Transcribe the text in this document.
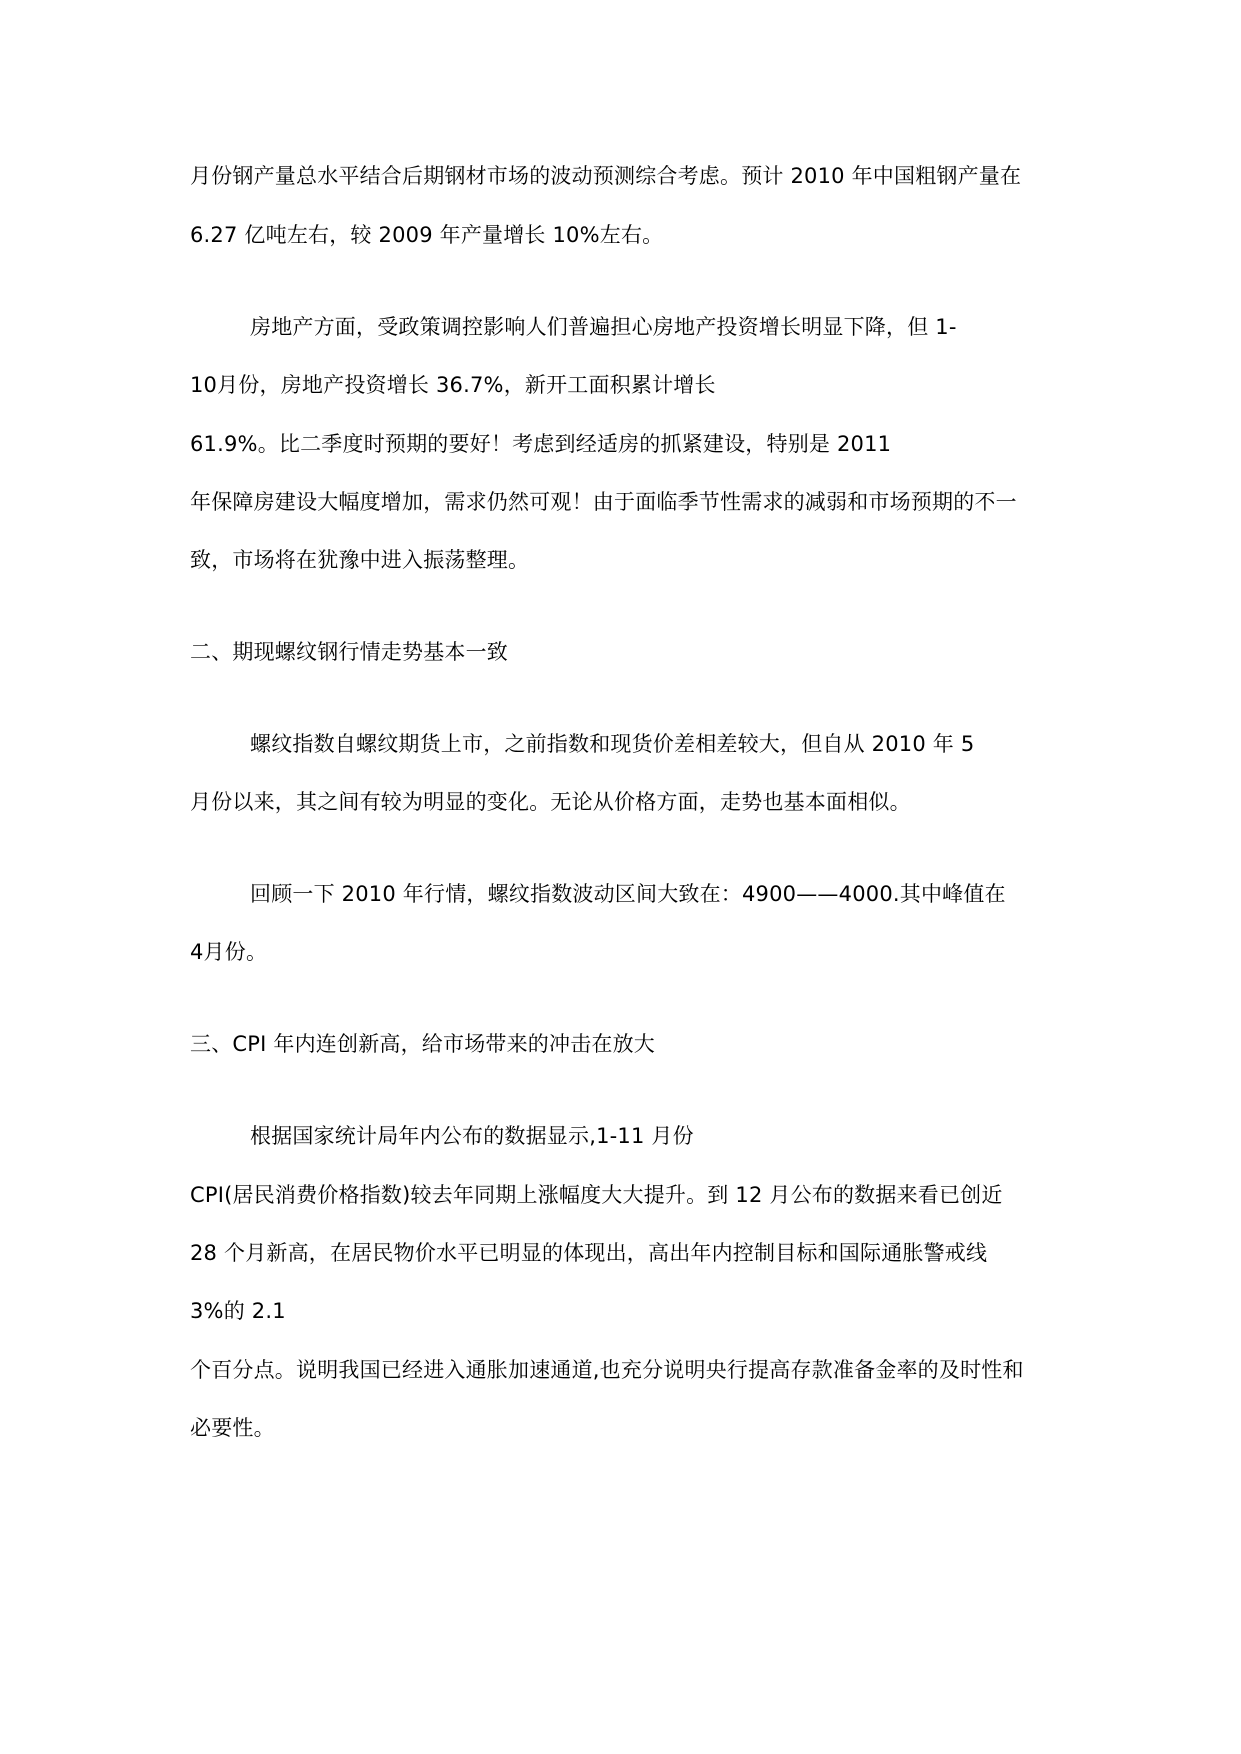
月份钢产量总水平结合后期钢材市场的波动预测综合考虑。预计 2010 年中国粗钢产量在
6.27 亿吨左右，较 2009 年产量增长 10%左右。
房地产方面，受政策调控影响人们普遍担心房地产投资增长明显下降，但 1-
10月份，房地产投资增长 36.7%，新开工面积累计增长
61.9%。比二季度时预期的要好！考虑到经适房的抓紧建设，特别是 2011
年保障房建设大幅度增加，需求仍然可观！由于面临季节性需求的减弱和市场预期的不一
致，市场将在犹豫中进入振荡整理。
二、期现螺纹钢行情走势基本一致
螺纹指数自螺纹期货上市，之前指数和现货价差相差较大，但自从 2010 年 5
月份以来，其之间有较为明显的变化。无论从价格方面，走势也基本面相似。
回顾一下 2010 年行情，螺纹指数波动区间大致在：4900——4000.其中峰值在
4月份。
三、CPI 年内连创新高，给市场带来的冲击在放大
根据国家统计局年内公布的数据显示,1-11 月份
CPI(居民消费价格指数)较去年同期上涨幅度大大提升。到 12 月公布的数据来看已创近
28 个月新高，在居民物价水平已明显的体现出，高出年内控制目标和国际通胀警戒线
3%的 2.1
个百分点。说明我国已经进入通胀加速通道,也充分说明央行提高存款准备金率的及时性和
必要性。
